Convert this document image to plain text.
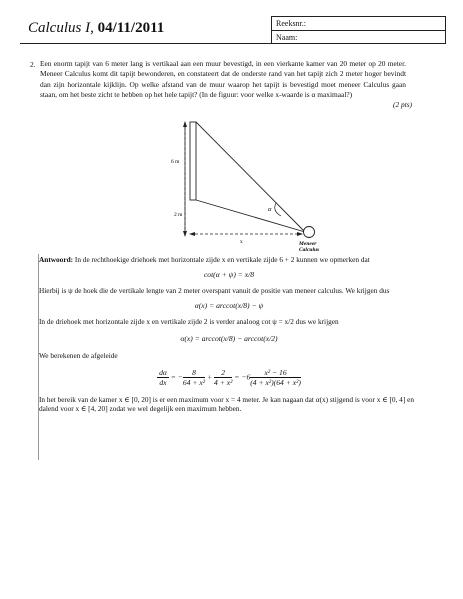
Calculus I, 04/11/2011	Reeksnr.:
Naam:
2. Een enorm tapijt van 6 meter lang is vertikaal aan een muur bevestigd, in een vierkante kamer van 20 meter op 20 meter. Meneer Calculus komt dit tapijt bewonderen, en constateert dat de onderste rand van het tapijt zich 2 meter hoger bevindt dan zijn horizontale kijklijn. Op welke afstand van de muur waarop het tapijt is bevestigd moet meneer Calculus gaan staan, om het beste zicht te hebben op het hele tapijt? (In de figuur: voor welke x-waarde is α maximaal?)
(2 pts)
6 m
2 m
x
α
Meneer
Calculus

Antwoord: In de rechthoekige driehoek met horizontale zijde x en vertikale zijde 6 + 2 kunnen we opmerken dat

cot(α + ψ) = x/8

Hierbij is ψ de hoek die de vertikale lengte van 2 meter overspant vanuit de positie van meneer calculus. We krijgen dus

α(x) = arccot(x/8) − ψ

In de driehoek met horizontale zijde x en vertikale zijde 2 is verder analoog cot ψ = x/2 dus we krijgen

α(x) = arccot(x/8) − arccot(x/2)

We berekenen de afgeleide

$\frac{d\alpha}{dx}$ = − $\frac{8}{\text{64 + x²}} + \frac{2}{\text{4 + x²}} = -6 \frac{\text{x² − 16}}{\text{(4 + x²)(64 + x²)}}$

In het bereik van de kamer x ∈ [0, 20] is er een maximum voor x = 4 meter. Je kan nagaan dat α(x) stijgend is voor x ∈ [0, 4] en dalend voor x ∈ [4, 20] zodat we wel degelijk een maximum hebben.
